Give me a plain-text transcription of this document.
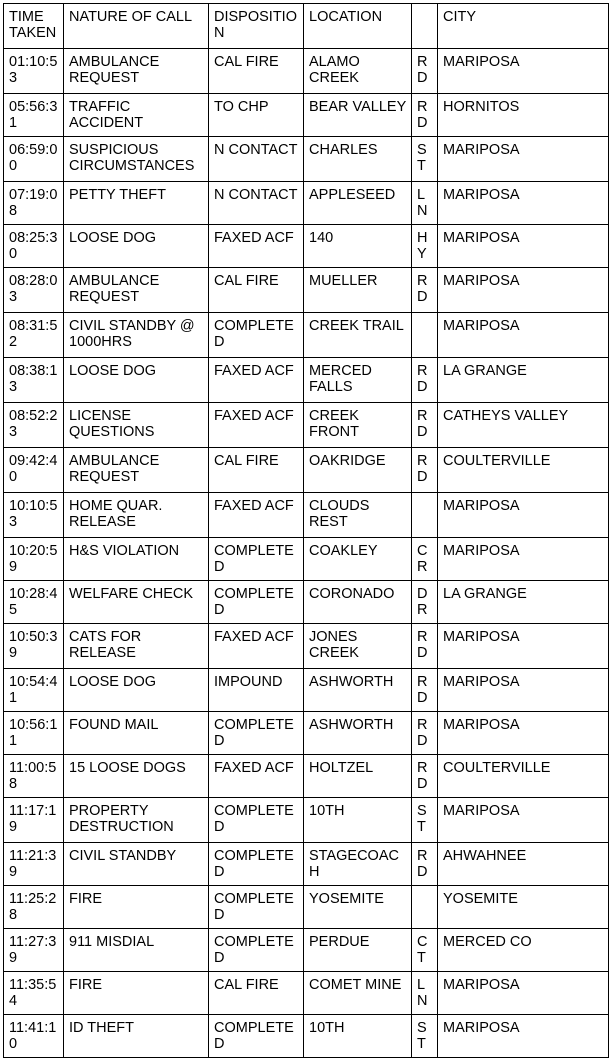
TIME TAKEN	NATURE OF CALL	DISPOSITION	LOCATION		CITY
01:10:53	AMBULANCE REQUEST	CAL FIRE	ALAMO CREEK	RD	MARIPOSA
05:56:31	TRAFFIC ACCIDENT	TO CHP	BEAR VALLEY	RD	HORNITOS
06:59:00	SUSPICIOUS CIRCUMSTANCES	N CONTACT	CHARLES	ST	MARIPOSA
07:19:08	PETTY THEFT	N CONTACT	APPLESEED	LN	MARIPOSA
08:25:30	LOOSE DOG	FAXED ACF	140	HY	MARIPOSA
08:28:03	AMBULANCE REQUEST	CAL FIRE	MUELLER	RD	MARIPOSA
08:31:52	CIVIL STANDBY @ 1000HRS	COMPLETED	CREEK TRAIL		MARIPOSA
08:38:13	LOOSE DOG	FAXED ACF	MERCED FALLS	RD	LA GRANGE
08:52:23	LICENSE QUESTIONS	FAXED ACF	CREEK FRONT	RD	CATHEYS VALLEY
09:42:40	AMBULANCE REQUEST	CAL FIRE	OAKRIDGE	RD	COULTERVILLE
10:10:53	HOME QUAR. RELEASE	FAXED ACF	CLOUDS REST		MARIPOSA
10:20:59	H&S VIOLATION	COMPLETED	COAKLEY	CR	MARIPOSA
10:28:45	WELFARE CHECK	COMPLETED	CORONADO	DR	LA GRANGE
10:50:39	CATS FOR RELEASE	FAXED ACF	JONES CREEK	RD	MARIPOSA
10:54:41	LOOSE DOG	IMPOUND	ASHWORTH	RD	MARIPOSA
10:56:11	FOUND MAIL	COMPLETED	ASHWORTH	RD	MARIPOSA
11:00:58	15 LOOSE DOGS	FAXED ACF	HOLTZEL	RD	COULTERVILLE
11:17:19	PROPERTY DESTRUCTION	COMPLETED	10TH	ST	MARIPOSA
11:21:39	CIVIL STANDBY	COMPLETED	STAGECOACH	RD	AHWAHNEE
11:25:28	FIRE	COMPLETED	YOSEMITE		YOSEMITE
11:27:39	911 MISDIAL	COMPLETED	PERDUE	CT	MERCED CO
11:35:54	FIRE	CAL FIRE	COMET MINE	LN	MARIPOSA
11:41:10	ID THEFT	COMPLETED	10TH	ST	MARIPOSA
